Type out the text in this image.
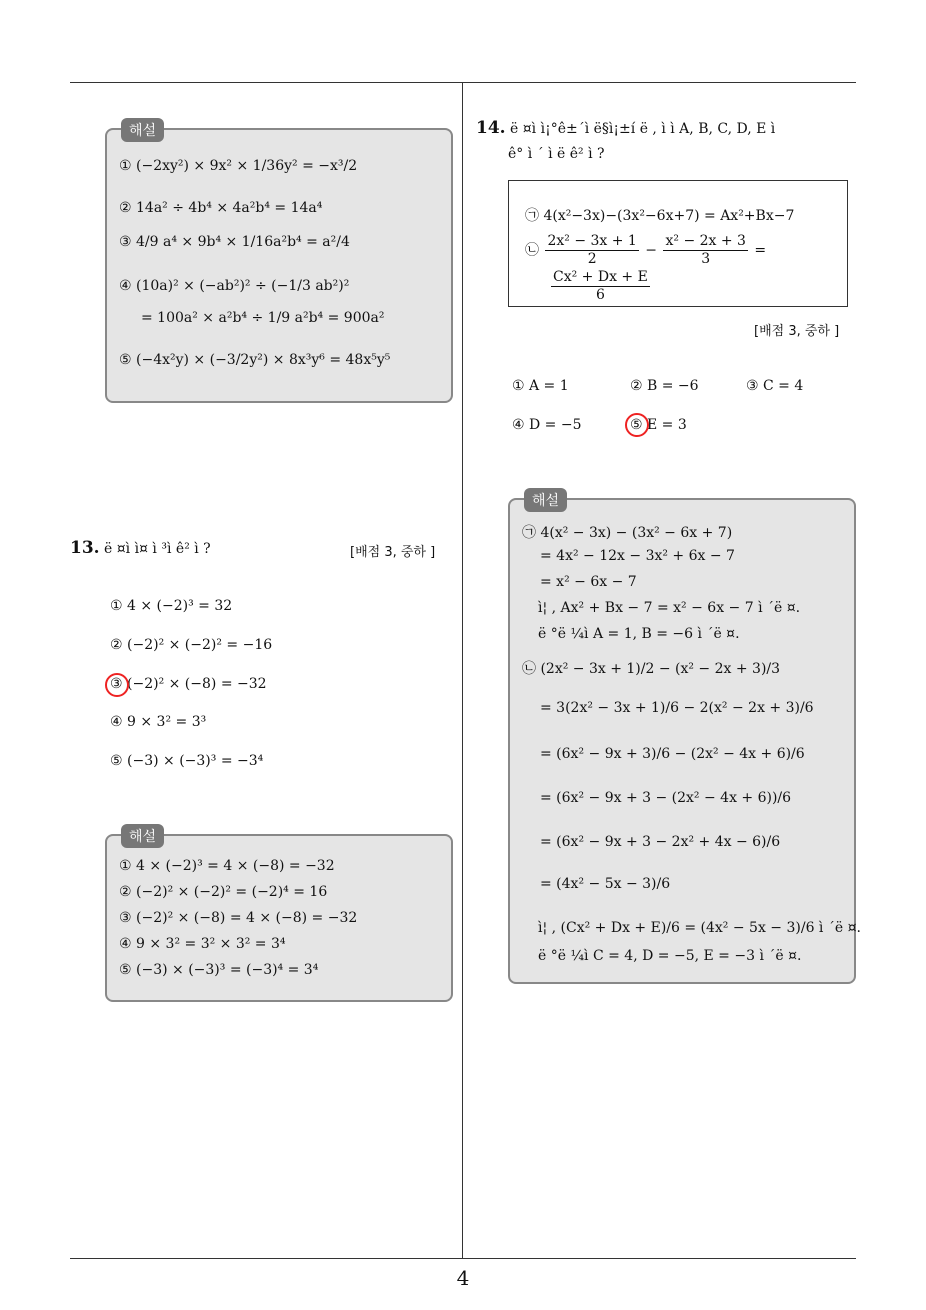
4
해설
① (−2xy²) × 9x² × 1/36y² = −x³/2
② 14a² ÷ 4b⁴ × 4a²b⁴ = 14a⁴
③ 4/9 a⁴ × 9b⁴ × 1/16a²b⁴ = a²/4
④ (10a)² × (−ab²)² ÷ (−1/3 ab²)²
= 100a² × a²b⁴ ÷ 1/9 a²b⁴ = 900a²
⑤ (−4x²y) × (−3/2y²) × 8x³y⁶ = 48x⁵y⁵
13. ë ¤ì ì¤ ì ³ì ê² ì ?	[배점 3, 중하 ]
① 4 × (−2)³ = 32
② (−2)² × (−2)² = −16
③ (−2)² × (−8) = −32
④ 9 × 3² = 3³
⑤ (−3) × (−3)³ = −3⁴
해설
① 4 × (−2)³ = 4 × (−8) = −32
② (−2)² × (−2)² = (−2)⁴ = 16
③ (−2)² × (−8) = 4 × (−8) = −32
④ 9 × 3² = 3² × 3² = 3⁴
⑤ (−3) × (−3)³ = (−3)⁴ = 3⁴
14. ë ¤ì ì¡°ê±´ì ë§ì¡±í ë , ì ì A, B, C, D, E ì
ê° ì ´ ì ë ê² ì ?
㉠ 4(x²−3x)−(3x²−6x+7) = Ax²+Bx−7
㉡ $\frac{\text{2x² − 3x + 1}}{2} - \frac{\text{x² − 2x + 3}}{3}$ =
$\frac{\text{Cx² + Dx + E}}{6}$
[배점 3, 중하 ]
① A = 1	② B = −6	③ C = 4
④ D = −5	⑤ E = 3
해설
㉠ 4(x² − 3x) − (3x² − 6x + 7)
= 4x² − 12x − 3x² + 6x − 7
= x² − 6x − 7
ì¦ , Ax² + Bx − 7 = x² − 6x − 7 ì ´ë ¤.
ë °ë ¼ì A = 1, B = −6 ì ´ë ¤.
㉡ (2x² − 3x + 1)/2 − (x² − 2x + 3)/3
= 3(2x² − 3x + 1)/6 − 2(x² − 2x + 3)/6
= (6x² − 9x + 3)/6 − (2x² − 4x + 6)/6
= (6x² − 9x + 3 − (2x² − 4x + 6))/6
= (6x² − 9x + 3 − 2x² + 4x − 6)/6
= (4x² − 5x − 3)/6
ì¦ , (Cx² + Dx + E)/6 = (4x² − 5x − 3)/6 ì ´ë ¤.
ë °ë ¼ì C = 4, D = −5, E = −3 ì ´ë ¤.
